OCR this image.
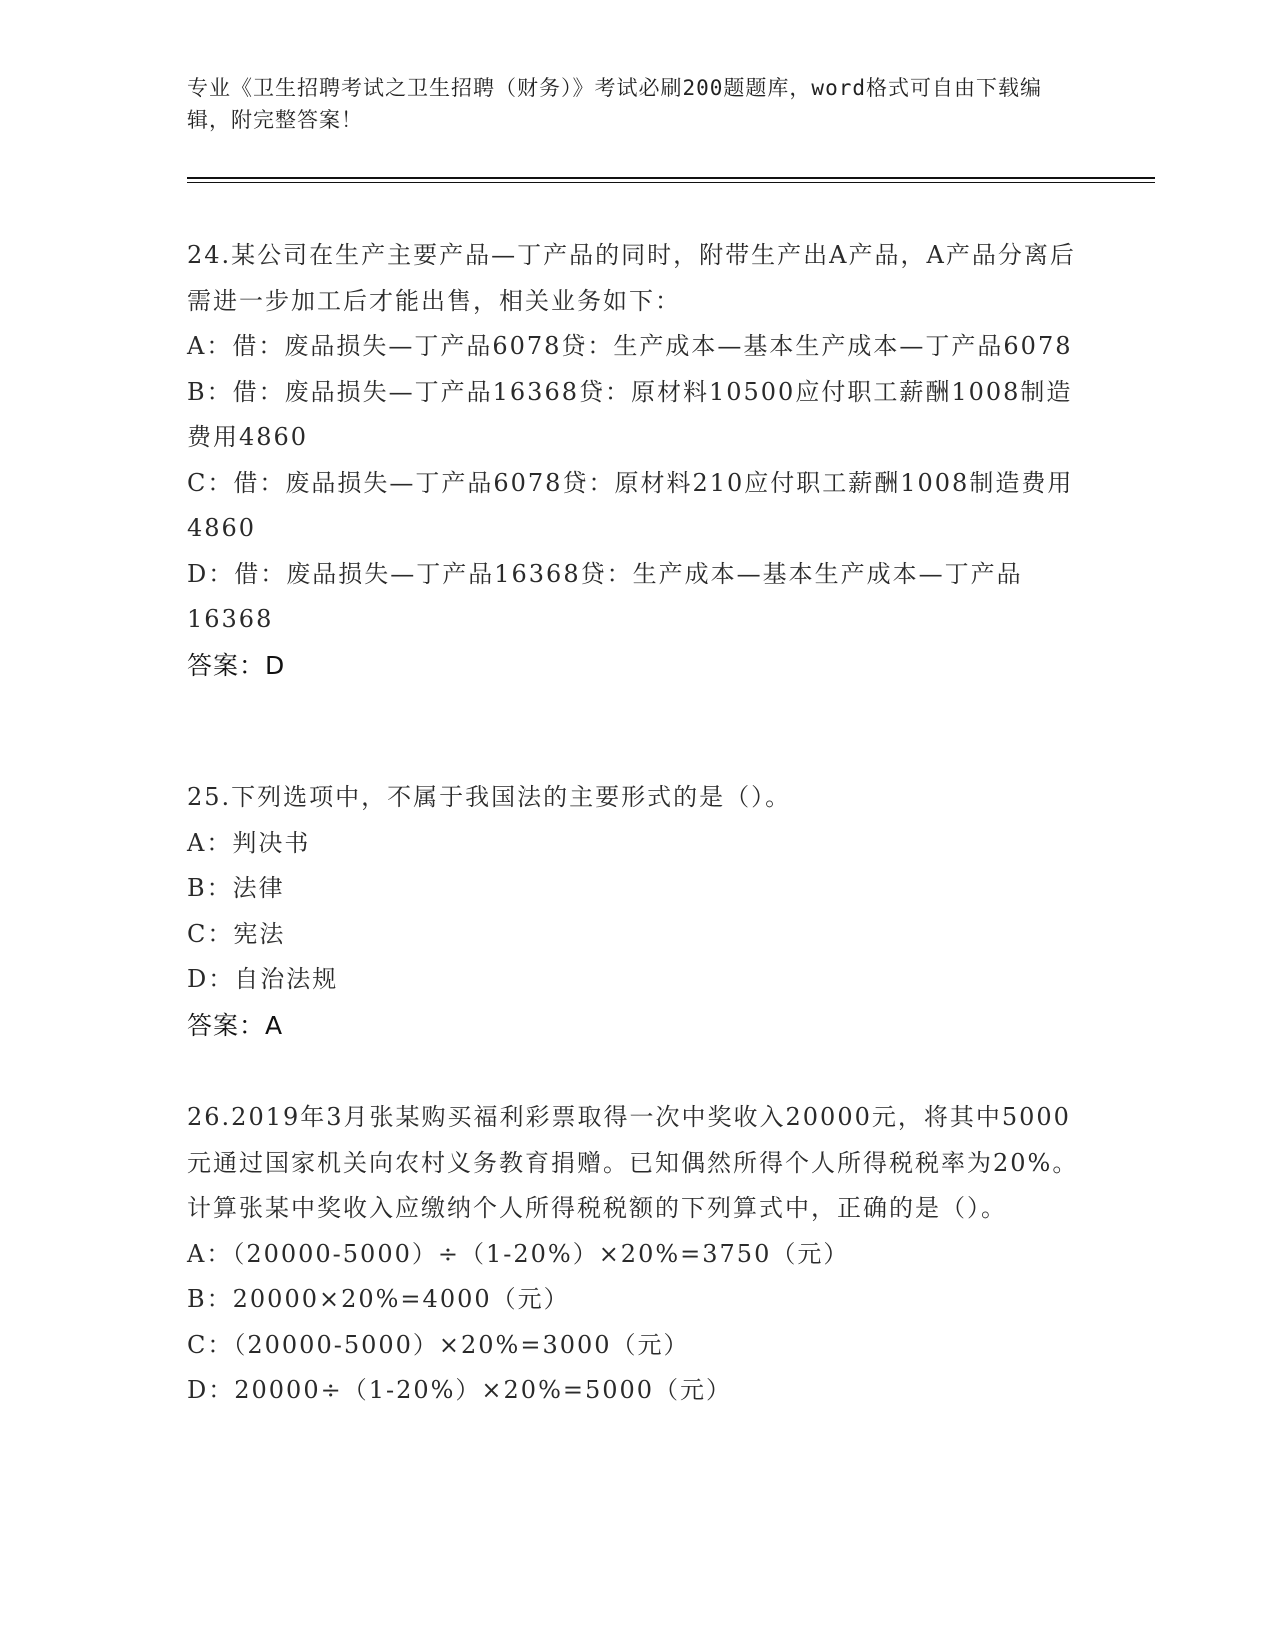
专业《卫生招聘考试之卫生招聘（财务）》考试必刷200题题库，word格式可自由下载编辑，附完整答案！

24.某公司在生产主要产品—丁产品的同时，附带生产出A产品，A产品分离后需进一步加工后才能出售，相关业务如下：

A：借：废品损失—丁产品6078贷：生产成本—基本生产成本—丁产品6078

B：借：废品损失—丁产品16368贷：原材料10500应付职工薪酬1008制造费用4860

C：借：废品损失—丁产品6078贷：原材料210应付职工薪酬1008制造费用4860

D：借：废品损失—丁产品16368贷：生产成本—基本生产成本—丁产品16368

答案：D

25.下列选项中，不属于我国法的主要形式的是（）。

A：判决书

B：法律

C：宪法

D：自治法规

答案：A

26.2019年3月张某购买福利彩票取得一次中奖收入20000元，将其中5000元通过国家机关向农村义务教育捐赠。已知偶然所得个人所得税税率为20%。计算张某中奖收入应缴纳个人所得税税额的下列算式中，正确的是（）。

A：（20000-5000）÷（1-20%）×20%=3750（元）

B：20000×20%=4000（元）

C：（20000-5000）×20%=3000（元）

D：20000÷（1-20%）×20%=5000（元）
